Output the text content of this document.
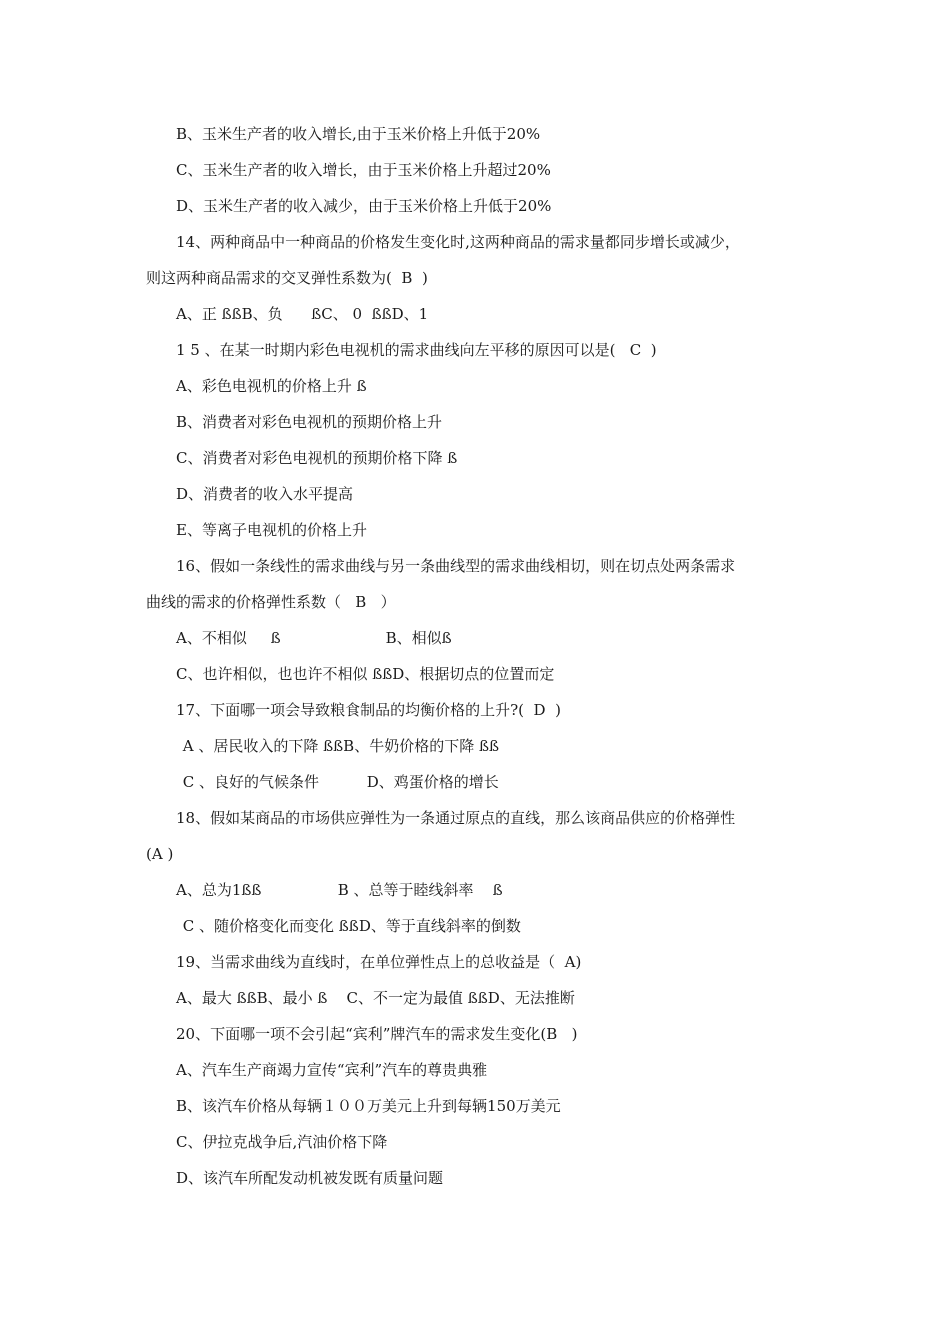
B、玉米生产者的收入增长,由于玉米价格上升低于20%
C、玉米生产者的收入增长，由于玉米价格上升超过20%
D、玉米生产者的收入减少，由于玉米价格上升低于20%
14、两种商品中一种商品的价格发生变化时,这两种商品的需求量都同步增长或减少，
则这两种商品需求的交叉弹性系数为(  B  )
A、正 ßßB、负      ßC、 0  ßßD、1
1 5 、在某一时期内彩色电视机的需求曲线向左平移的原因可以是(   C  )
A、彩色电视机的价格上升 ß
B、消费者对彩色电视机的预期价格上升
C、消费者对彩色电视机的预期价格下降 ß
D、消费者的收入水平提高
E、等离子电视机的价格上升
16、假如一条线性的需求曲线与另一条曲线型的需求曲线相切，则在切点处两条需求
曲线的需求的价格弹性系数（   B   ）
A、不相似     ß                      B、相似ß
C、也许相似，也也许不相似 ßßD、根据切点的位置而定
17、下面哪一项会导致粮食制品的均衡价格的上升?(  D  )
A 、居民收入的下降 ßßB、牛奶价格的下降 ßß
C 、良好的气候条件          D、鸡蛋价格的增长
18、假如某商品的市场供应弹性为一条通过原点的直线，那么该商品供应的价格弹性
(A )
A、总为1ßß                B 、总等于睦线斜率    ß
C 、随价格变化而变化 ßßD、等于直线斜率的倒数
19、当需求曲线为直线时，在单位弹性点上的总收益是（  A)
A、最大 ßßB、最小 ß    C、不一定为最值 ßßD、无法推断
20、下面哪一项不会引起“宾利”牌汽车的需求发生变化(B   )
A、汽车生产商竭力宣传“宾利”汽车的尊贵典雅
B、该汽车价格从每辆１００万美元上升到每辆150万美元
C、伊拉克战争后,汽油价格下降
D、该汽车所配发动机被发既有质量问题
